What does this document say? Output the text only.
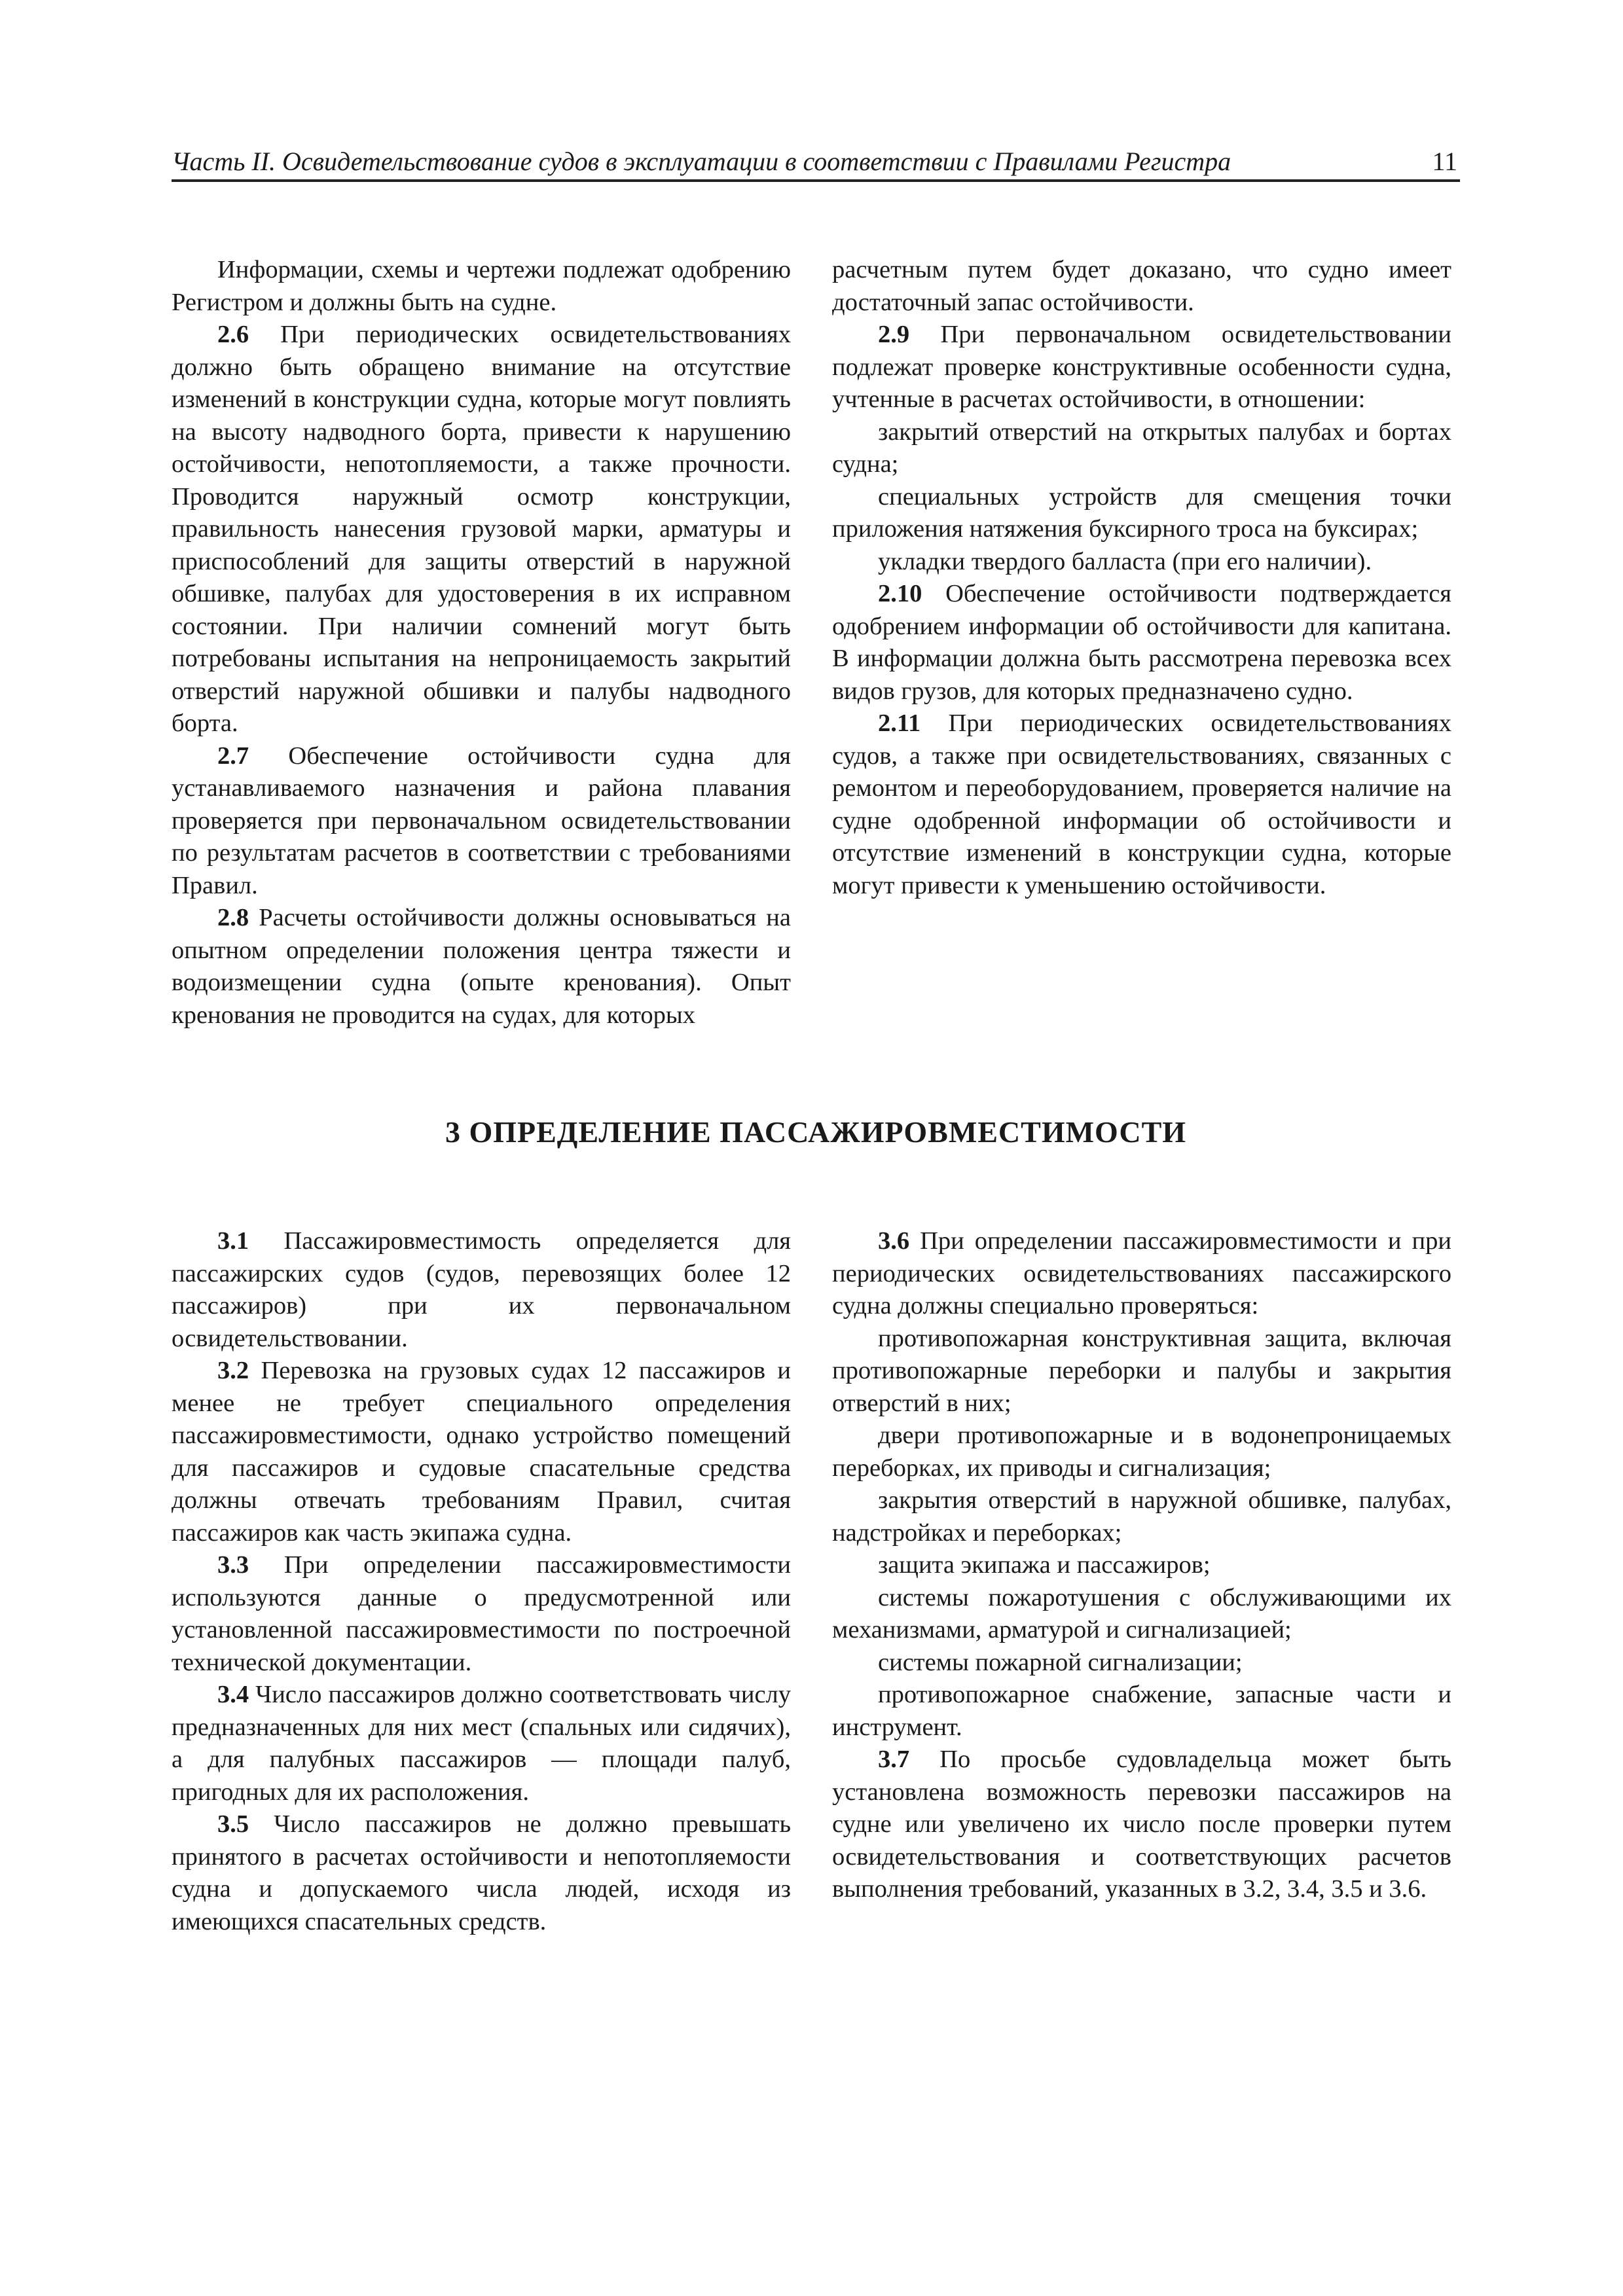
Часть II. Освидетельствование судов в эксплуатации в соответствии с Правилами Регистра	11

Информации, схемы и чертежи подлежат одобрению Регистром и должны быть на судне.

2.6 При периодических освидетельствованиях должно быть обращено внимание на отсутствие изменений в конструкции судна, которые могут повлиять на высоту надводного борта, привести к нарушению остойчивости, непотопляемости, а также прочности. Проводится наружный осмотр конструкции, правильность нанесения грузовой марки, арматуры и приспособлений для защиты отверстий в наружной обшивке, палубах для удостоверения в их исправном состоянии. При наличии сомнений могут быть потребованы испытания на непроницаемость закрытий отверстий наружной обшивки и палубы надводного борта.

2.7 Обеспечение остойчивости судна для устанавливаемого назначения и района плавания проверяется при первоначальном освидетельствовании по результатам расчетов в соответствии с требованиями Правил.

2.8 Расчеты остойчивости должны основываться на опытном определении положения центра тяжести и водоизмещении судна (опыте кренования). Опыт кренования не проводится на судах, для которых

расчетным путем будет доказано, что судно имеет достаточный запас остойчивости.

2.9 При первоначальном освидетельствовании подлежат проверке конструктивные особенности судна, учтенные в расчетах остойчивости, в отношении:

закрытий отверстий на открытых палубах и бортах судна;

специальных устройств для смещения точки приложения натяжения буксирного троса на буксирах;

укладки твердого балласта (при его наличии).

2.10 Обеспечение остойчивости подтверждается одобрением информации об остойчивости для капитана. В информации должна быть рассмотрена перевозка всех видов грузов, для которых предназначено судно.

2.11 При периодических освидетельствованиях судов, а также при освидетельствованиях, связанных с ремонтом и переоборудованием, проверяется наличие на судне одобренной информации об остойчивости и отсутствие изменений в конструкции судна, которые могут привести к уменьшению остойчивости.

3 ОПРЕДЕЛЕНИЕ ПАССАЖИРОВМЕСТИМОСТИ

3.1 Пассажировместимость определяется для пассажирских судов (судов, перевозящих более 12 пассажиров) при их первоначальном освидетельствовании.

3.2 Перевозка на грузовых судах 12 пассажиров и менее не требует специального определения пассажировместимости, однако устройство помещений для пассажиров и судовые спасательные средства должны отвечать требованиям Правил, считая пассажиров как часть экипажа судна.

3.3 При определении пассажировместимости используются данные о предусмотренной или установленной пассажировместимости по построечной технической документации.

3.4 Число пассажиров должно соответствовать числу предназначенных для них мест (спальных или сидячих), а для палубных пассажиров — площади палуб, пригодных для их расположения.

3.5 Число пассажиров не должно превышать принятого в расчетах остойчивости и непотопляемости судна и допускаемого числа людей, исходя из имеющихся спасательных средств.

3.6 При определении пассажировместимости и при периодических освидетельствованиях пассажирского судна должны специально проверяться:

противопожарная конструктивная защита, включая противопожарные переборки и палубы и закрытия отверстий в них;

двери противопожарные и в водонепроницаемых переборках, их приводы и сигнализация;

закрытия отверстий в наружной обшивке, палубах, надстройках и переборках;

защита экипажа и пассажиров;

системы пожаротушения с обслуживающими их механизмами, арматурой и сигнализацией;

системы пожарной сигнализации;

противопожарное снабжение, запасные части и инструмент.

3.7 По просьбе судовладельца может быть установлена возможность перевозки пассажиров на судне или увеличено их число после проверки путем освидетельствования и соответствующих расчетов выполнения требований, указанных в 3.2, 3.4, 3.5 и 3.6.
